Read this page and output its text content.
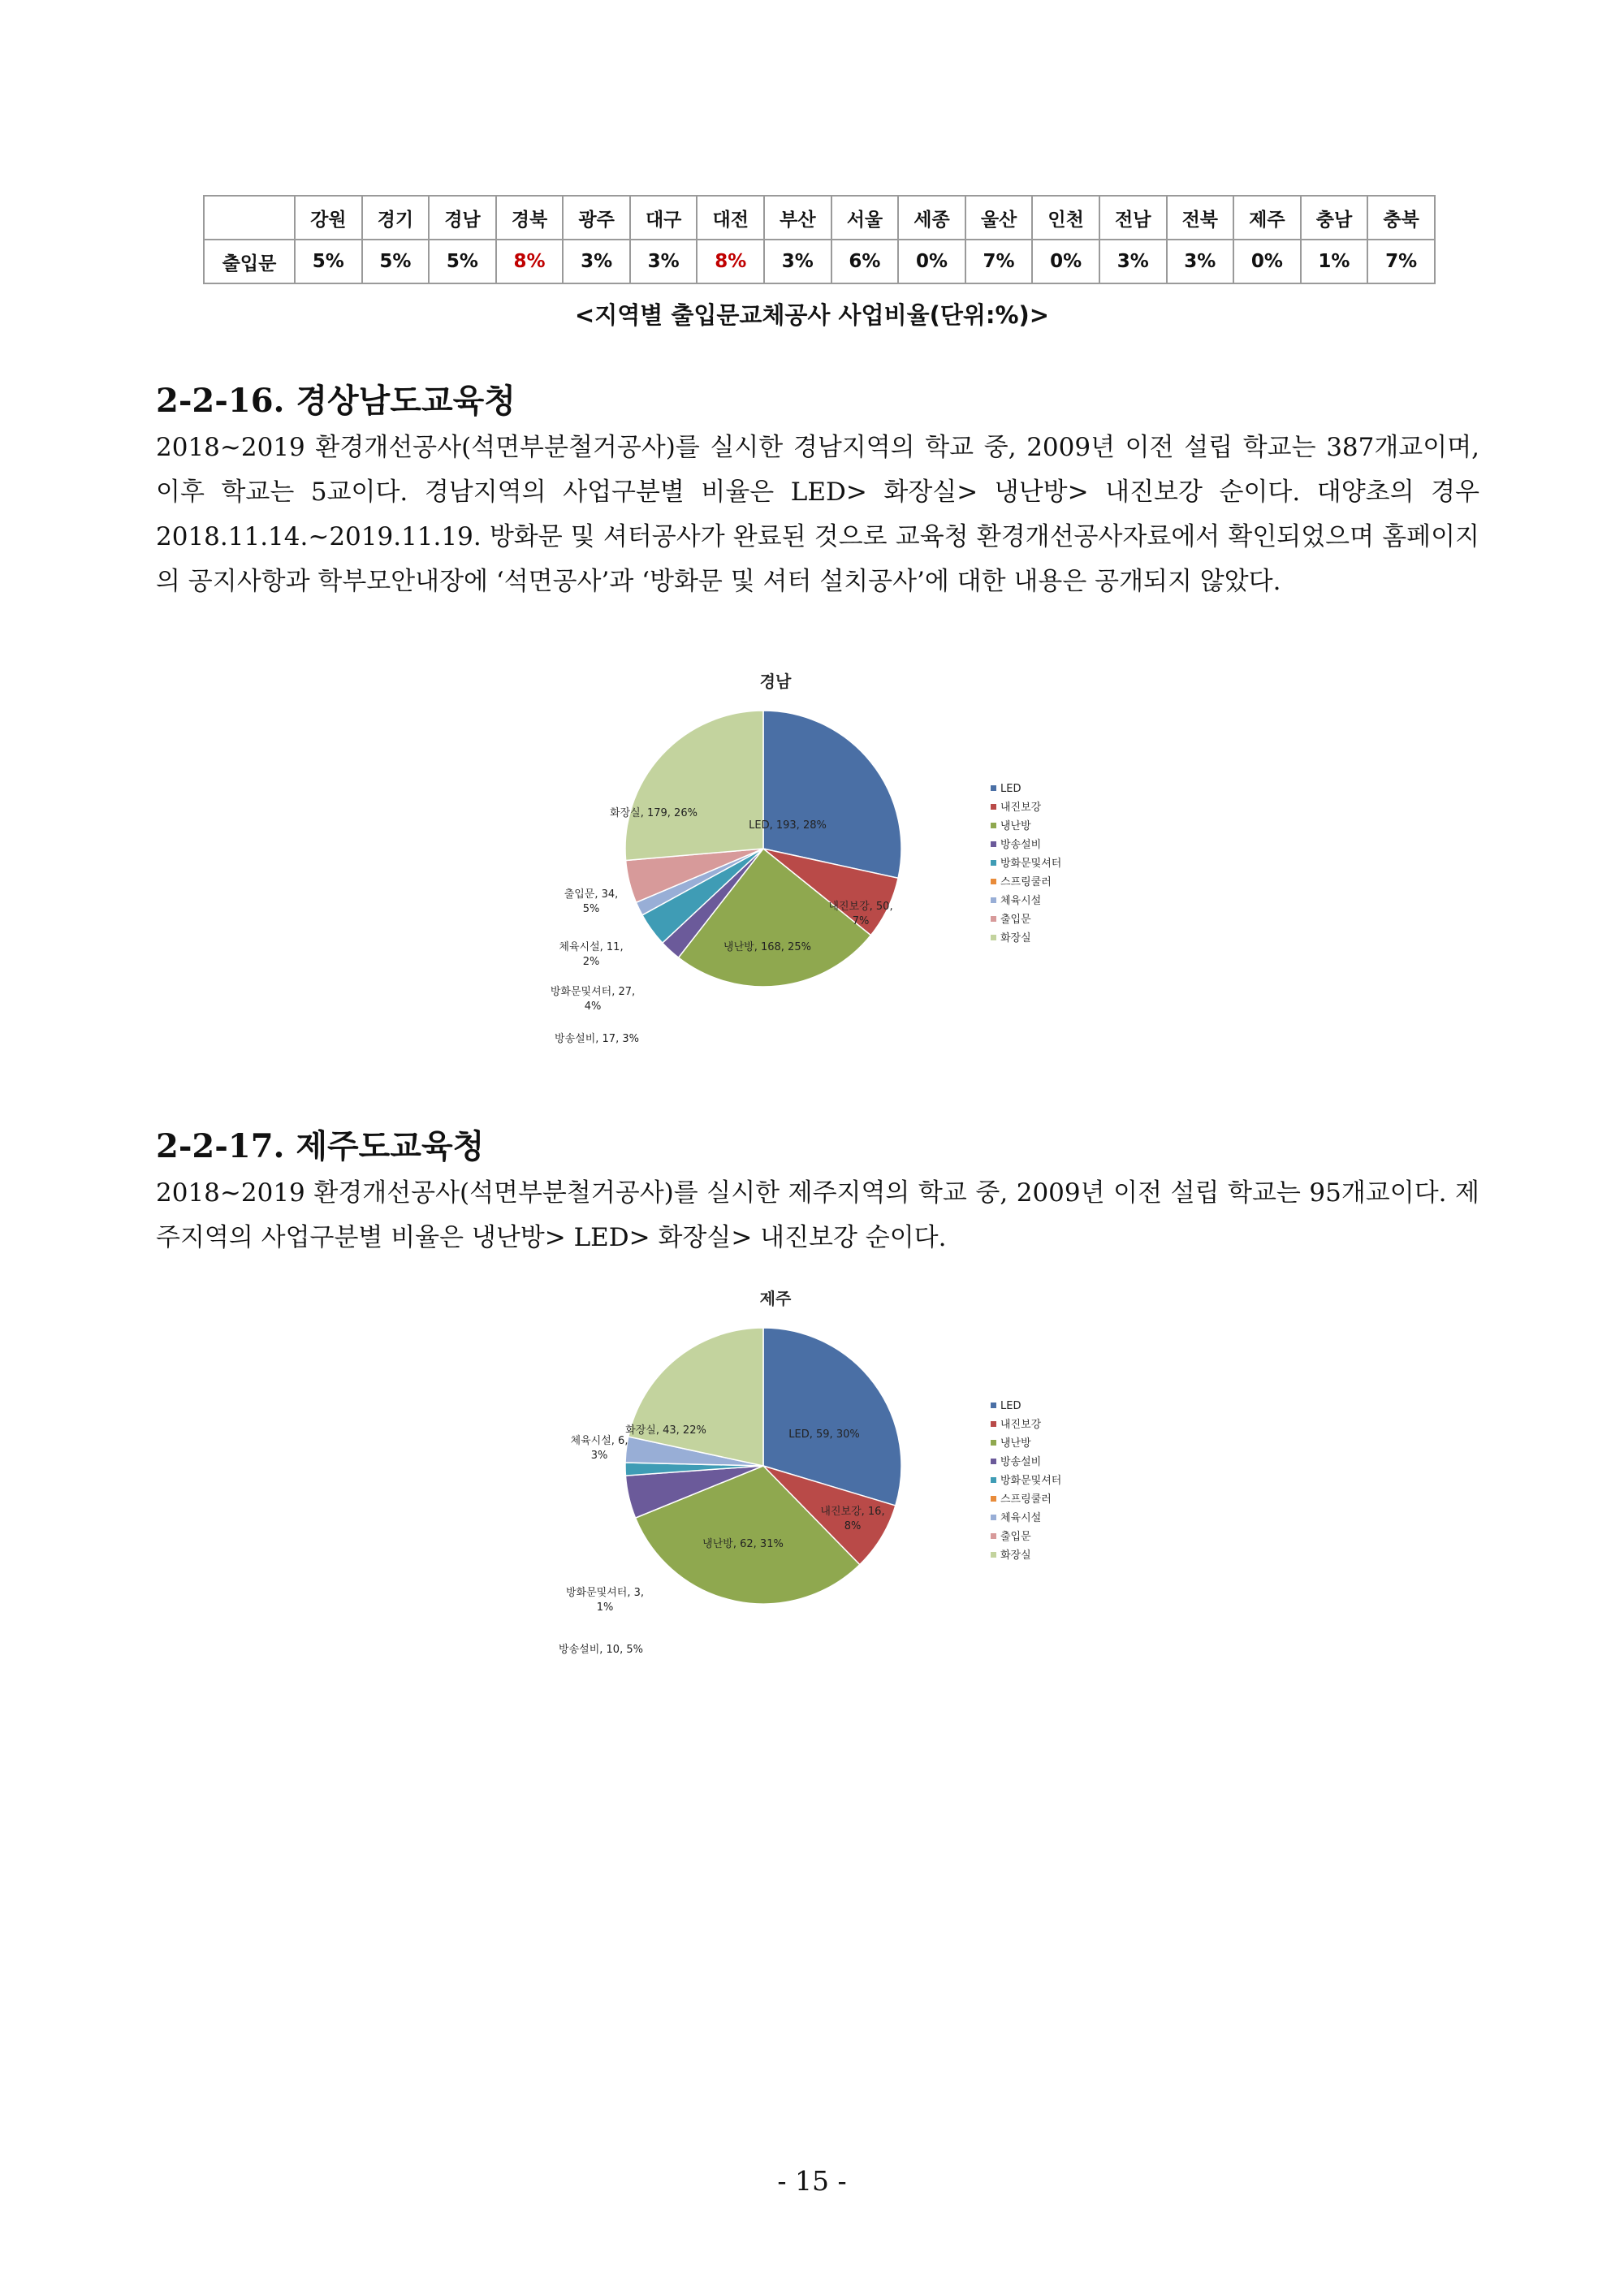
	강원	경기	경남	경북	광주	대구	대전	부산	서울	세종	울산	인천	전남	전북	제주	충남	충북
출입문	5%	5%	5%	8%	3%	3%	8%	3%	6%	0%	7%	0%	3%	3%	0%	1%	7%
<지역별 출입문교체공사 사업비율(단위:%)>
2-2-16. 경상남도교육청

2018~2019 환경개선공사(석면부분철거공사)를 실시한 경남지역의 학교 중, 2009년 이전 설립 학교는 387개교이며, 이후 학교는 5교이다. 경남지역의 사업구분별 비율은 LED> 화장실> 냉난방> 내진보강 순이다. 대양초의 경우 2018.11.14.~2019.11.19. 방화문 및 셔터공사가 완료된 것으로 교육청 환경개선공사자료에서 확인되었으며 홈페이지의 공지사항과 학부모안내장에 ‘석면공사’과 ‘방화문 및 셔터 설치공사’에 대한 내용은 공개되지 않았다.

경남
LED, 193, 28%
내진보강, 50, 7%
냉난방, 168, 25%
방송설비, 17, 3%
방화문및셔터, 27, 4%
체육시설, 11, 2%
출입문, 34, 5%
화장실, 179, 26%
LED
내진보강
냉난방
방송설비
방화문및셔터
스프링쿨러
체육시설
출입문
화장실
2-2-17. 제주도교육청

2018~2019 환경개선공사(석면부분철거공사)를 실시한 제주지역의 학교 중, 2009년 이전 설립 학교는 95개교이다. 제주지역의 사업구분별 비율은 냉난방> LED> 화장실> 내진보강 순이다.

제주
LED, 59, 30%
내진보강, 16, 8%
냉난방, 62, 31%
방송설비, 10, 5%
방화문및셔터, 3, 1%
체육시설, 6, 3%
화장실, 43, 22%
LED
내진보강
냉난방
방송설비
방화문및셔터
스프링쿨러
체육시설
출입문
화장실
- 15 -
